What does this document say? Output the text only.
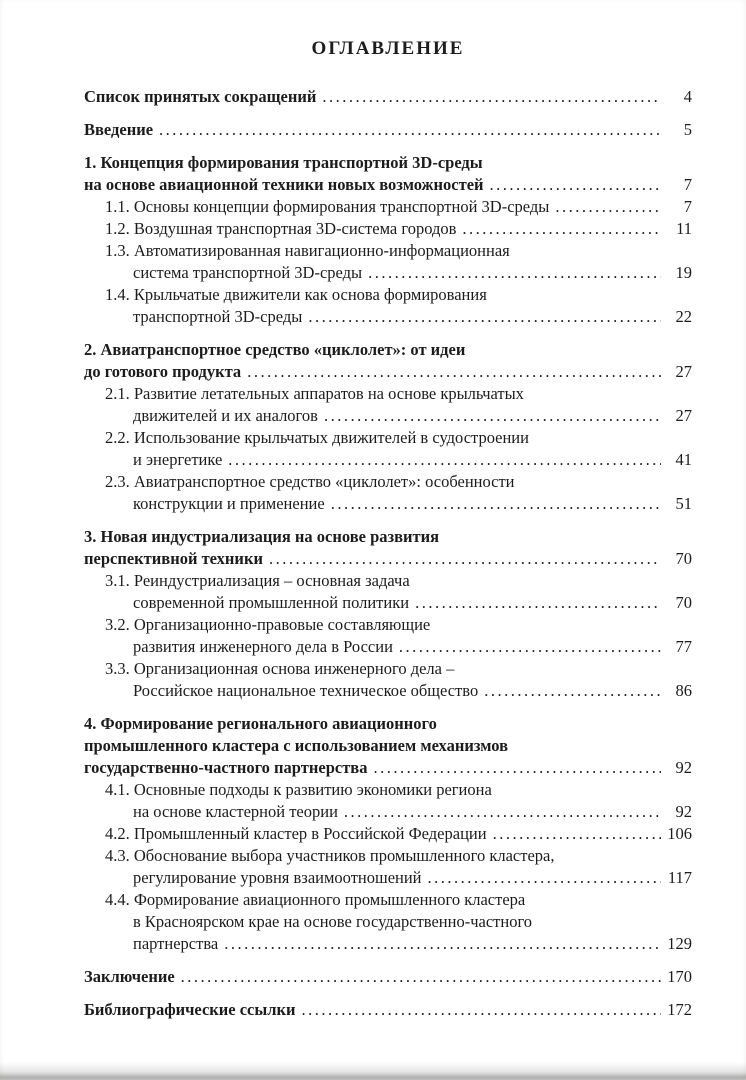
ОГЛАВЛЕНИЕ
Список принятых сокращений .....	4
Введение .....	5
1. Концепция формирования транспортной 3D-среды
на основе авиационной техники новых возможностей .....	7
1.1. Основы концепции формирования транспортной 3D-среды .....	7
1.2. Воздушная транспортная 3D-система городов .....	11
1.3. Автоматизированная навигационно-информационная
система транспортной 3D-среды .....	19
1.4. Крыльчатые движители как основа формирования
транспортной 3D-среды .....	22
2. Авиатранспортное средство «циклолет»: от идеи
до готового продукта .....	27
2.1. Развитие летательных аппаратов на основе крыльчатых
движителей и их аналогов .....	27
2.2. Использование крыльчатых движителей в судостроении
и энергетике .....	41
2.3. Авиатранспортное средство «циклолет»: особенности
конструкции и применение .....	51
3. Новая индустриализация на основе развития
перспективной техники .....	70
3.1. Реиндустриализация – основная задача
современной промышленной политики .....	70
3.2. Организационно-правовые составляющие
развития инженерного дела в России .....	77
3.3. Организационная основа инженерного дела –
Российское национальное техническое общество .....	86
4. Формирование регионального авиационного
промышленного кластера с использованием механизмов
государственно-частного партнерства .....	92
4.1. Основные подходы к развитию экономики региона
на основе кластерной теории .....	92
4.2. Промышленный кластер в Российской Федерации .....	106
4.3. Обоснование выбора участников промышленного кластера,
регулирование уровня взаимоотношений .....	117
4.4. Формирование авиационного промышленного кластера
в Красноярском крае на основе государственно-частного
партнерства .....	129
Заключение .....	170
Библиографические ссылки .....	172
